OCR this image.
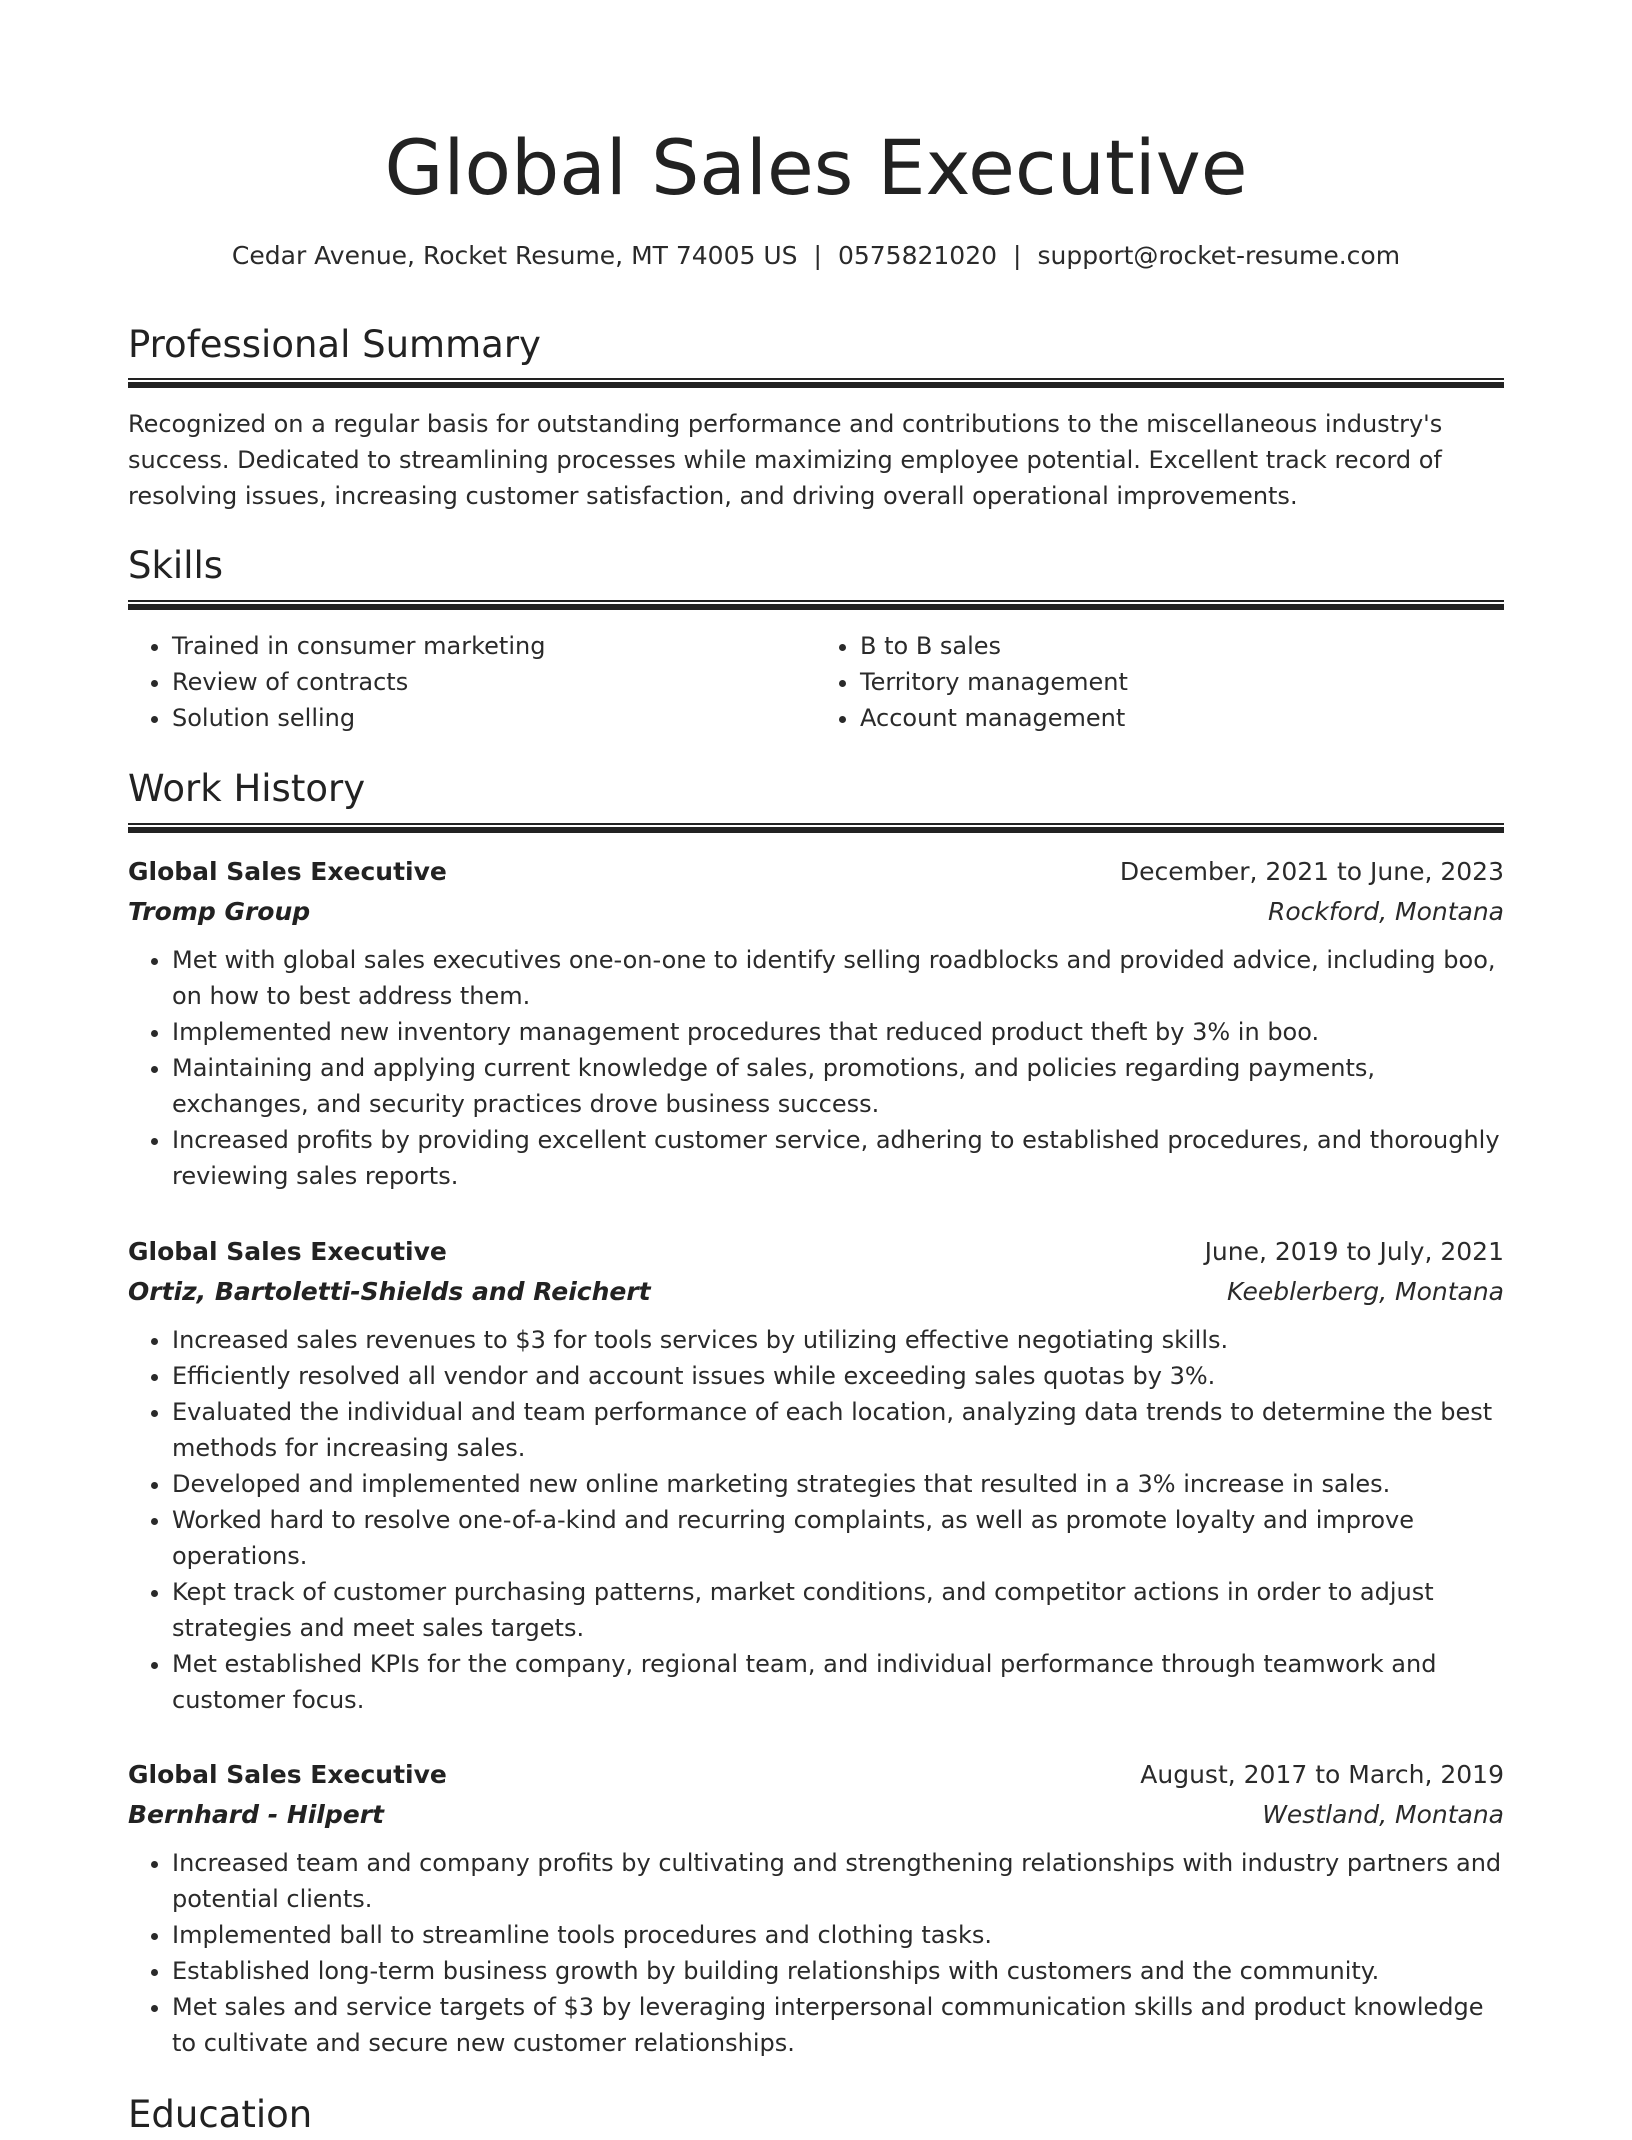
Global Sales Executive
Cedar Avenue, Rocket Resume, MT 74005 US | 0575821020 | support@rocket-resume.com
Professional Summary

Recognized on a regular basis for outstanding performance and contributions to the miscellaneous industry's success. Dedicated to streamlining processes while maximizing employee potential. Excellent track record of resolving issues, increasing customer satisfaction, and driving overall operational improvements.

Skills
• Trained in consumer marketing
• Review of contracts
• Solution selling
• B to B sales
• Territory management
• Account management
Work History
Global Sales Executive	December, 2021 to June, 2023
Tromp Group	Rockford, Montana
• Met with global sales executives one-on-one to identify selling roadblocks and provided advice, including boo, on how to best address them.
• Implemented new inventory management procedures that reduced product theft by 3% in boo.
• Maintaining and applying current knowledge of sales, promotions, and policies regarding payments, exchanges, and security practices drove business success.
• Increased profits by providing excellent customer service, adhering to established procedures, and thoroughly reviewing sales reports.
Global Sales Executive	June, 2019 to July, 2021
Ortiz, Bartoletti-Shields and Reichert	Keeblerberg, Montana
• Increased sales revenues to $3 for tools services by utilizing effective negotiating skills.
• Efficiently resolved all vendor and account issues while exceeding sales quotas by 3%.
• Evaluated the individual and team performance of each location, analyzing data trends to determine the best methods for increasing sales.
• Developed and implemented new online marketing strategies that resulted in a 3% increase in sales.
• Worked hard to resolve one-of-a-kind and recurring complaints, as well as promote loyalty and improve operations.
• Kept track of customer purchasing patterns, market conditions, and competitor actions in order to adjust strategies and meet sales targets.
• Met established KPIs for the company, regional team, and individual performance through teamwork and customer focus.
Global Sales Executive	August, 2017 to March, 2019
Bernhard - Hilpert	Westland, Montana
• Increased team and company profits by cultivating and strengthening relationships with industry partners and potential clients.
• Implemented ball to streamline tools procedures and clothing tasks.
• Established long-term business growth by building relationships with customers and the community.
• Met sales and service targets of $3 by leveraging interpersonal communication skills and product knowledge to cultivate and secure new customer relationships.
Education
